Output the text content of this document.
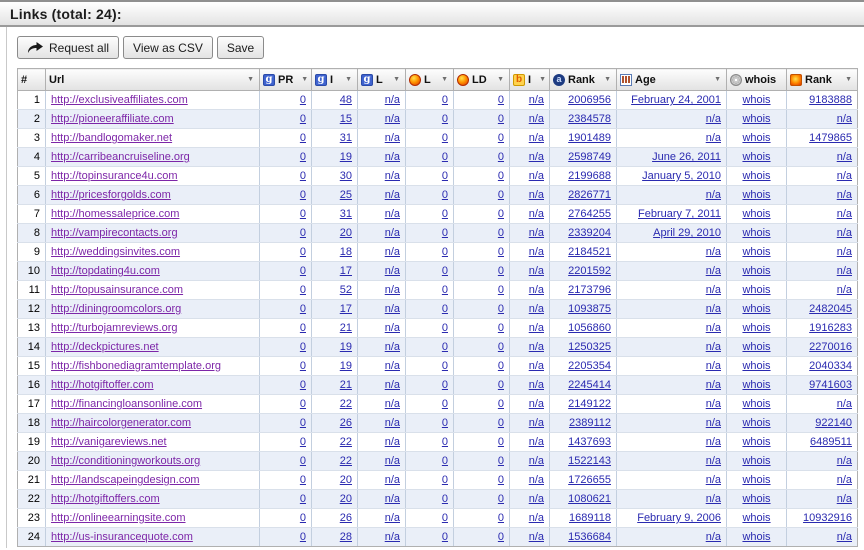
Links (total: 24):
Request all View as CSV Save
#	Url ▼	g PR ▼	g I ▼	g L ▼	L ▼	LD ▼	b I ▼	a Rank ▼	Age ▼	whois	Rank ▼

1	http://exclusiveaffiliates.com	0	48	n/a	0	0	n/a	2006956	February 24, 2001	whois	9183888
2	http://pioneeraffiliate.com	0	15	n/a	0	0	n/a	2384578	n/a	whois	n/a
3	http://bandlogomaker.net	0	31	n/a	0	0	n/a	1901489	n/a	whois	1479865
4	http://carribeancruiseline.org	0	19	n/a	0	0	n/a	2598749	June 26, 2011	whois	n/a
5	http://topinsurance4u.com	0	30	n/a	0	0	n/a	2199688	January 5, 2010	whois	n/a
6	http://pricesforgolds.com	0	25	n/a	0	0	n/a	2826771	n/a	whois	n/a
7	http://homessaleprice.com	0	31	n/a	0	0	n/a	2764255	February 7, 2011	whois	n/a
8	http://vampirecontacts.org	0	20	n/a	0	0	n/a	2339204	April 29, 2010	whois	n/a
9	http://weddingsinvites.com	0	18	n/a	0	0	n/a	2184521	n/a	whois	n/a
10	http://topdating4u.com	0	17	n/a	0	0	n/a	2201592	n/a	whois	n/a
11	http://topusainsurance.com	0	52	n/a	0	0	n/a	2173796	n/a	whois	n/a
12	http://diningroomcolors.org	0	17	n/a	0	0	n/a	1093875	n/a	whois	2482045
13	http://turbojamreviews.org	0	21	n/a	0	0	n/a	1056860	n/a	whois	1916283
14	http://deckpictures.net	0	19	n/a	0	0	n/a	1250325	n/a	whois	2270016
15	http://fishbonediagramtemplate.org	0	19	n/a	0	0	n/a	2205354	n/a	whois	2040334
16	http://hotgiftoffer.com	0	21	n/a	0	0	n/a	2245414	n/a	whois	9741603
17	http://financingloansonline.com	0	22	n/a	0	0	n/a	2149122	n/a	whois	n/a
18	http://haircolorgenerator.com	0	26	n/a	0	0	n/a	2389112	n/a	whois	922140
19	http://vanigareviews.net	0	22	n/a	0	0	n/a	1437693	n/a	whois	6489511
20	http://conditioningworkouts.org	0	22	n/a	0	0	n/a	1522143	n/a	whois	n/a
21	http://landscapeingdesign.com	0	20	n/a	0	0	n/a	1726655	n/a	whois	n/a
22	http://hotgiftoffers.com	0	20	n/a	0	0	n/a	1080621	n/a	whois	n/a
23	http://onlineearningsite.com	0	26	n/a	0	0	n/a	1689118	February 9, 2006	whois	10932916
24	http://us-insurancequote.com	0	28	n/a	0	0	n/a	1536684	n/a	whois	n/a
